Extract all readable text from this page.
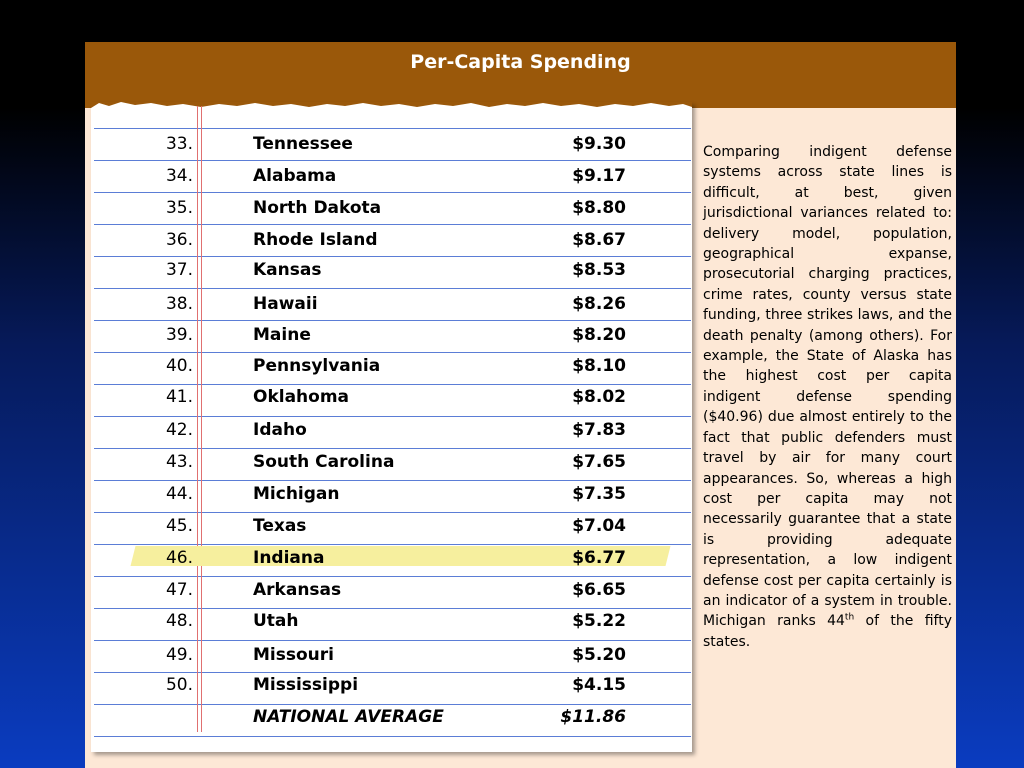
Per-Capita Spending
33.	Tennessee	$9.30
34.	Alabama	$9.17
35.	North Dakota	$8.80
36.	Rhode Island	$8.67
37.	Kansas	$8.53
38.	Hawaii	$8.26
39.	Maine	$8.20
40.	Pennsylvania	$8.10
41.	Oklahoma	$8.02
42.	Idaho	$7.83
43.	South Carolina	$7.65
44.	Michigan	$7.35
45.	Texas	$7.04
46.	Indiana	$6.77
47.	Arkansas	$6.65
48.	Utah	$5.22
49.	Missouri	$5.20
50.	Mississippi	$4.15
NATIONAL AVERAGE	$11.86
Comparing indigent defense systems across state lines is difficult, at best, given jurisdictional variances related to: delivery model, population, geographical expanse, prosecutorial charging practices, crime rates, county versus state funding, three strikes laws, and the death penalty (among others). For example, the State of Alaska has the highest cost per capita indigent defense spending ($40.96) due almost entirely to the fact that public defenders must travel by air for many court appearances. So, whereas a high cost per capita may not necessarily guarantee that a state is providing adequate representation, a low indigent defense cost per capita certainly is an indicator of a system in trouble. Michigan ranks 44th of the fifty states.
